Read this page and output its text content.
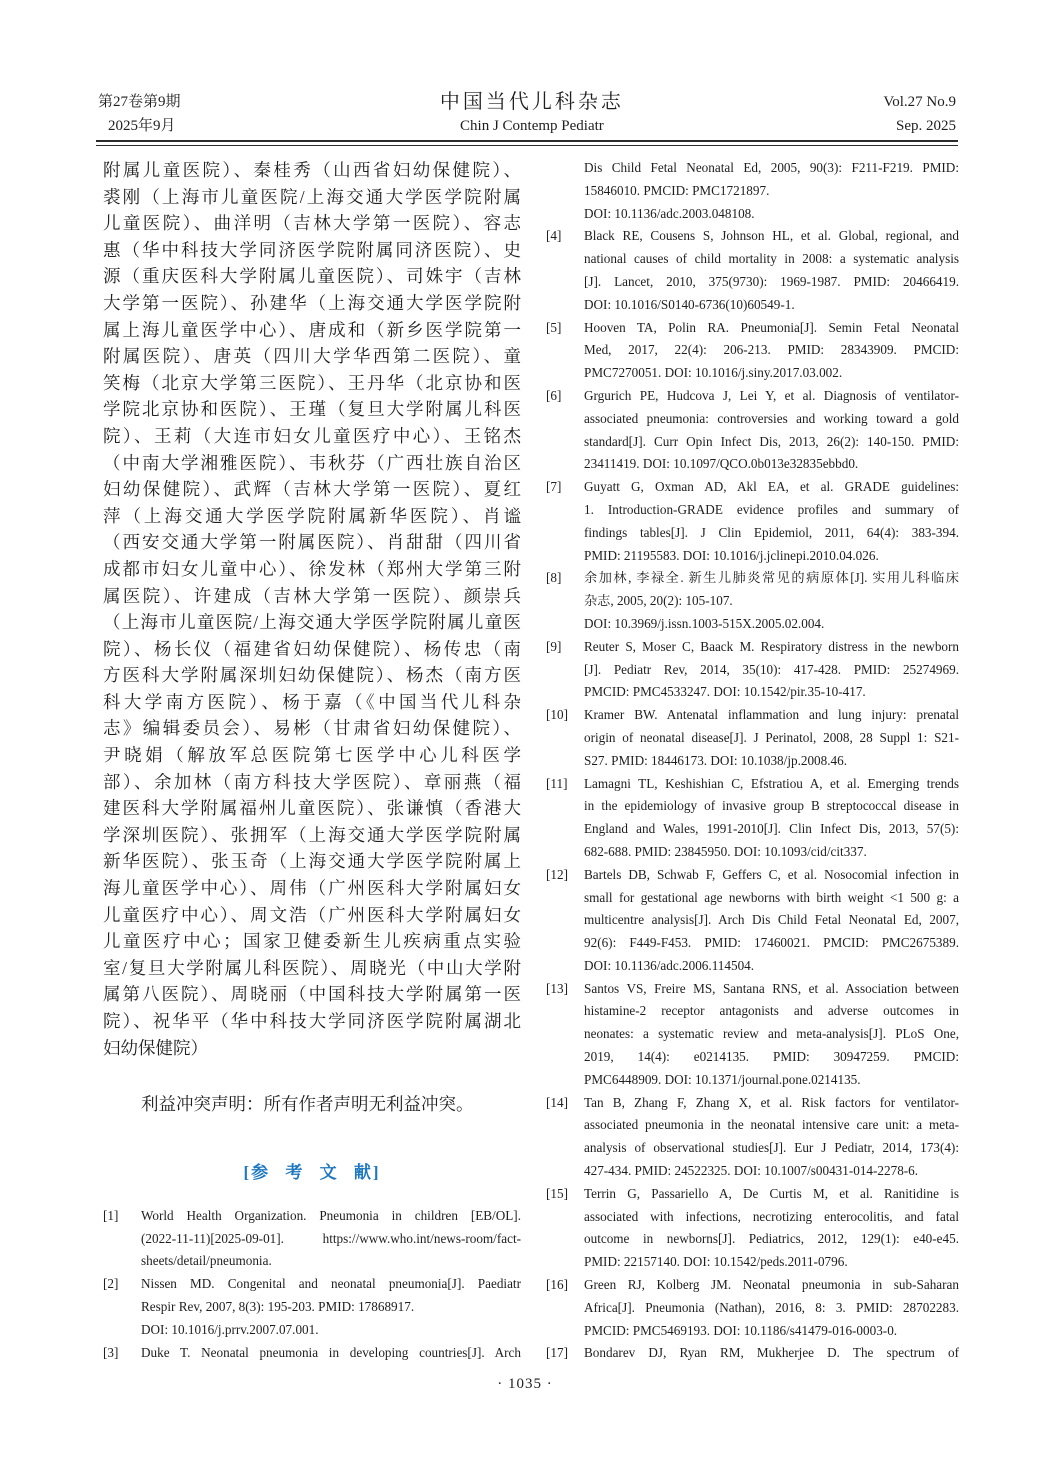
第27卷第9期
2025年9月
中国当代儿科杂志
Chin J Contemp Pediatr
Vol.27 No.9
Sep. 2025
附属儿童医院）、秦桂秀（山西省妇幼保健院）、
裘刚（上海市儿童医院/上海交通大学医学院附属
儿童医院）、曲洋明（吉林大学第一医院）、容志
惠（华中科技大学同济医学院附属同济医院）、史
源（重庆医科大学附属儿童医院）、司姝宇（吉林
大学第一医院）、孙建华（上海交通大学医学院附
属上海儿童医学中心）、唐成和（新乡医学院第一
附属医院）、唐英（四川大学华西第二医院）、童
笑梅（北京大学第三医院）、王丹华（北京协和医
学院北京协和医院）、王瑾（复旦大学附属儿科医
院）、王莉（大连市妇女儿童医疗中心）、王铭杰
（中南大学湘雅医院）、韦秋芬（广西壮族自治区
妇幼保健院）、武辉（吉林大学第一医院）、夏红
萍（上海交通大学医学院附属新华医院）、肖谧
（西安交通大学第一附属医院）、肖甜甜（四川省
成都市妇女儿童中心）、徐发林（郑州大学第三附
属医院）、许建成（吉林大学第一医院）、颜崇兵
（上海市儿童医院/上海交通大学医学院附属儿童医
院）、杨长仪（福建省妇幼保健院）、杨传忠（南
方医科大学附属深圳妇幼保健院）、杨杰（南方医
科大学南方医院）、杨于嘉（《中国当代儿科杂
志》编辑委员会）、易彬（甘肃省妇幼保健院）、
尹晓娟（解放军总医院第七医学中心儿科医学
部）、余加林（南方科技大学医院）、章丽燕（福
建医科大学附属福州儿童医院）、张谦慎（香港大
学深圳医院）、张拥军（上海交通大学医学院附属
新华医院）、张玉奇（上海交通大学医学院附属上
海儿童医学中心）、周伟（广州医科大学附属妇女
儿童医疗中心）、周文浩（广州医科大学附属妇女
儿童医疗中心；国家卫健委新生儿疾病重点实验
室/复旦大学附属儿科医院）、周晓光（中山大学附
属第八医院）、周晓丽（中国科技大学附属第一医
院）、祝华平（华中科技大学同济医学院附属湖北
妇幼保健院）
利益冲突声明：所有作者声明无利益冲突。
[参 考 文 献]
[1] World Health Organization. Pneumonia in children [EB/OL].
(2022-11-11)[2025-09-01]. https://www.who.int/news-room/fact-
sheets/detail/pneumonia.
[2] Nissen MD. Congenital and neonatal pneumonia[J]. Paediatr
Respir Rev, 2007, 8(3): 195-203. PMID: 17868917.
DOI: 10.1016/j.prrv.2007.07.001.
[3] Duke T. Neonatal pneumonia in developing countries[J]. Arch
Dis Child Fetal Neonatal Ed, 2005, 90(3): F211-F219. PMID:
15846010. PMCID: PMC1721897.
DOI: 10.1136/adc.2003.048108.
[4] Black RE, Cousens S, Johnson HL, et al. Global, regional, and
national causes of child mortality in 2008: a systematic analysis
[J]. Lancet, 2010, 375(9730): 1969-1987. PMID: 20466419.
DOI: 10.1016/S0140-6736(10)60549-1.
[5] Hooven TA, Polin RA. Pneumonia[J]. Semin Fetal Neonatal
Med, 2017, 22(4): 206-213. PMID: 28343909. PMCID:
PMC7270051. DOI: 10.1016/j.siny.2017.03.002.
[6] Grgurich PE, Hudcova J, Lei Y, et al. Diagnosis of ventilator-
associated pneumonia: controversies and working toward a gold
standard[J]. Curr Opin Infect Dis, 2013, 26(2): 140-150. PMID:
23411419. DOI: 10.1097/QCO.0b013e32835ebbd0.
[7] Guyatt G, Oxman AD, Akl EA, et al. GRADE guidelines:
1. Introduction-GRADE evidence profiles and summary of
findings tables[J]. J Clin Epidemiol, 2011, 64(4): 383-394.
PMID: 21195583. DOI: 10.1016/j.jclinepi.2010.04.026.
[8] 余加林, 李禄全. 新生儿肺炎常见的病原体[J]. 实用儿科临床
杂志, 2005, 20(2): 105-107.
DOI: 10.3969/j.issn.1003-515X.2005.02.004.
[9] Reuter S, Moser C, Baack M. Respiratory distress in the newborn
[J]. Pediatr Rev, 2014, 35(10): 417-428. PMID: 25274969.
PMCID: PMC4533247. DOI: 10.1542/pir.35-10-417.
[10] Kramer BW. Antenatal inflammation and lung injury: prenatal
origin of neonatal disease[J]. J Perinatol, 2008, 28 Suppl 1: S21-
S27. PMID: 18446173. DOI: 10.1038/jp.2008.46.
[11] Lamagni TL, Keshishian C, Efstratiou A, et al. Emerging trends
in the epidemiology of invasive group B streptococcal disease in
England and Wales, 1991-2010[J]. Clin Infect Dis, 2013, 57(5):
682-688. PMID: 23845950. DOI: 10.1093/cid/cit337.
[12] Bartels DB, Schwab F, Geffers C, et al. Nosocomial infection in
small for gestational age newborns with birth weight <1 500 g: a
multicentre analysis[J]. Arch Dis Child Fetal Neonatal Ed, 2007,
92(6): F449-F453. PMID: 17460021. PMCID: PMC2675389.
DOI: 10.1136/adc.2006.114504.
[13] Santos VS, Freire MS, Santana RNS, et al. Association between
histamine-2 receptor antagonists and adverse outcomes in
neonates: a systematic review and meta-analysis[J]. PLoS One,
2019, 14(4): e0214135. PMID: 30947259. PMCID:
PMC6448909. DOI: 10.1371/journal.pone.0214135.
[14] Tan B, Zhang F, Zhang X, et al. Risk factors for ventilator-
associated pneumonia in the neonatal intensive care unit: a meta-
analysis of observational studies[J]. Eur J Pediatr, 2014, 173(4):
427-434. PMID: 24522325. DOI: 10.1007/s00431-014-2278-6.
[15] Terrin G, Passariello A, De Curtis M, et al. Ranitidine is
associated with infections, necrotizing enterocolitis, and fatal
outcome in newborns[J]. Pediatrics, 2012, 129(1): e40-e45.
PMID: 22157140. DOI: 10.1542/peds.2011-0796.
[16] Green RJ, Kolberg JM. Neonatal pneumonia in sub-Saharan
Africa[J]. Pneumonia (Nathan), 2016, 8: 3. PMID: 28702283.
PMCID: PMC5469193. DOI: 10.1186/s41479-016-0003-0.
[17] Bondarev DJ, Ryan RM, Mukherjee D. The spectrum of
· 1035 ·
